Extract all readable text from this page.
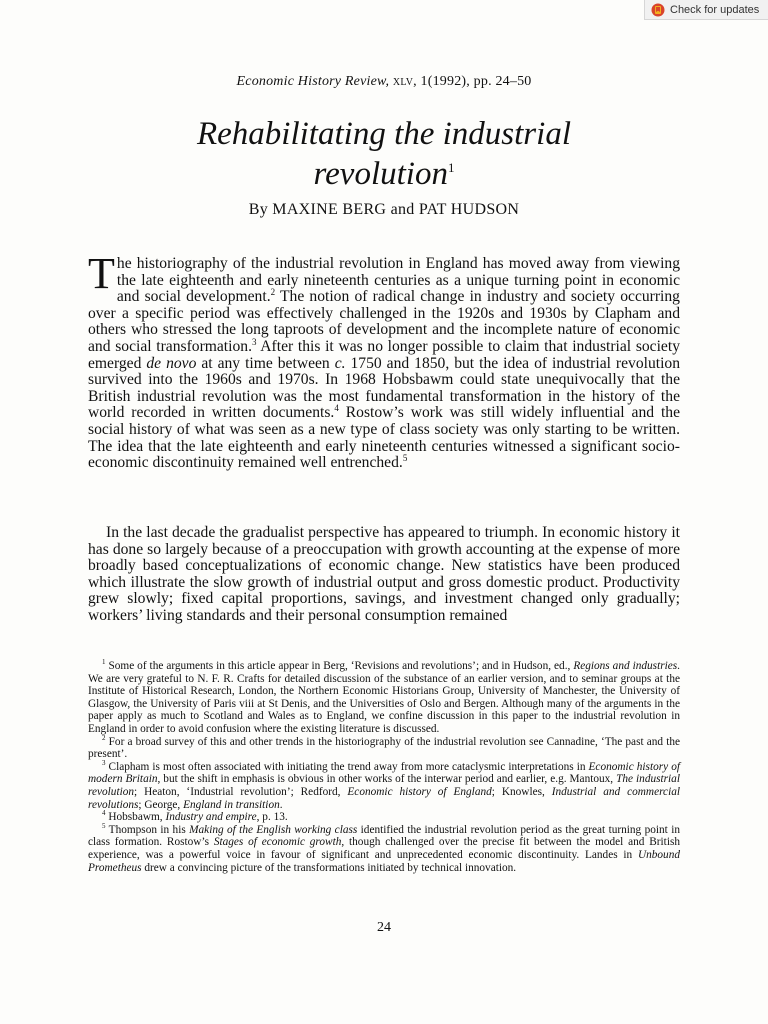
Check for updates
Economic History Review, xlv, 1(1992), pp. 24–50
Rehabilitating the industrial
revolution$^1$
By MAXINE BERG and PAT HUDSON

The historiography of the industrial revolution in England has moved away from viewing the late eighteenth and early nineteenth centuries as a unique turning point in economic and social development.$^2$ The notion of radical change in industry and society occurring over a specific period was effectively challenged in the 1920s and 1930s by Clapham and others who stressed the long taproots of development and the incomplete nature of economic and social transformation.$^3$ After this it was no longer possible to claim that industrial society emerged de novo at any time between c. 1750 and 1850, but the idea of industrial revolution survived into the 1960s and 1970s. In 1968 Hobsbawm could state unequivocally that the British industrial revolution was the most fundamental transformation in the history of the world recorded in written documents.$^4$ Rostow’s work was still widely influential and the social history of what was seen as a new type of class society was only starting to be written. The idea that the late eighteenth and early nineteenth centuries witnessed a significant socio-economic discontinuity remained well entrenched.$^5$

In the last decade the gradualist perspective has appeared to triumph. In economic history it has done so largely because of a preoccupation with growth accounting at the expense of more broadly based conceptualizations of economic change. New statistics have been produced which illustrate the slow growth of industrial output and gross domestic product. Productivity grew slowly; fixed capital proportions, savings, and investment changed only gradually; workers’ living standards and their personal consumption remained

$^1$ Some of the arguments in this article appear in Berg, ‘Revisions and revolutions’; and in Hudson, ed., Regions and industries. We are very grateful to N. F. R. Crafts for detailed discussion of the substance of an earlier version, and to seminar groups at the Institute of Historical Research, London, the Northern Economic Historians Group, University of Manchester, the University of Glasgow, the University of Paris viii at St Denis, and the Universities of Oslo and Bergen. Although many of the arguments in the paper apply as much to Scotland and Wales as to England, we confine discussion in this paper to the industrial revolution in England in order to avoid confusion where the existing literature is discussed.

$^2$ For a broad survey of this and other trends in the historiography of the industrial revolution see Cannadine, ‘The past and the present’.

$^3$ Clapham is most often associated with initiating the trend away from more cataclysmic interpretations in Economic history of modern Britain, but the shift in emphasis is obvious in other works of the interwar period and earlier, e.g. Mantoux, The industrial revolution; Heaton, ‘Industrial revolution’; Redford, Economic history of England; Knowles, Industrial and commercial revolutions; George, England in transition.

$^4$ Hobsbawm, Industry and empire, p. 13.

$^5$ Thompson in his Making of the English working class identified the industrial revolution period as the great turning point in class formation. Rostow’s Stages of economic growth, though challenged over the precise fit between the model and British experience, was a powerful voice in favour of significant and unprecedented economic discontinuity. Landes in Unbound Prometheus drew a convincing picture of the transformations initiated by technical innovation.

24
